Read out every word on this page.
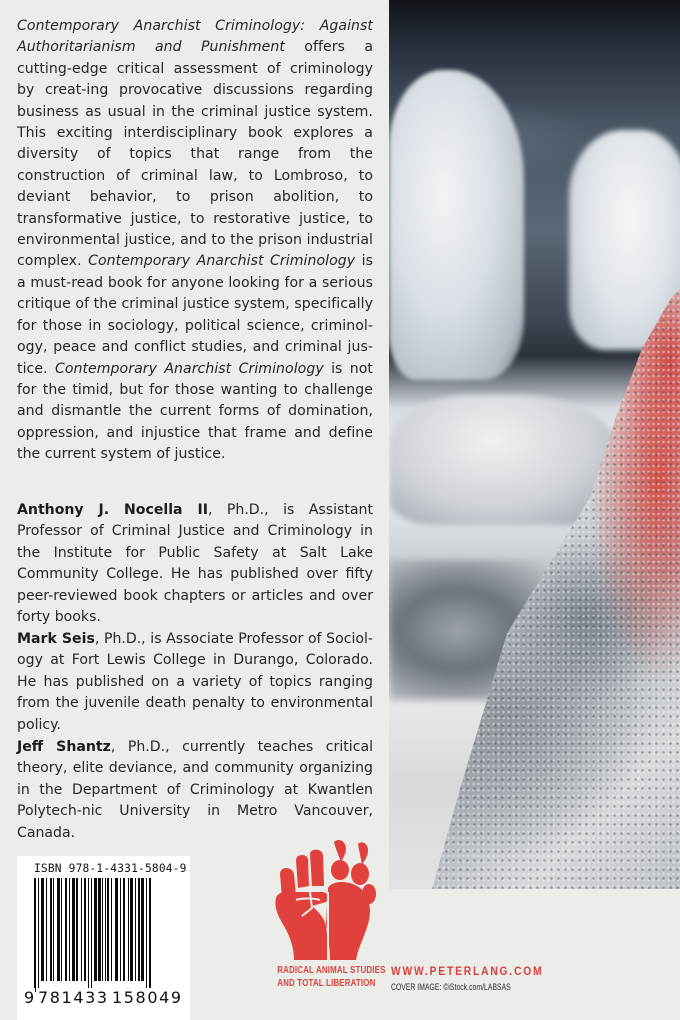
Contemporary Anarchist Criminology: Against Authoritarianism and Punishment offers a cutting-edge critical assessment of criminology by creat-ing provocative discussions regarding business as usual in the criminal justice system. This exciting interdisciplinary book explores a diversity of topics that range from the construction of criminal law, to Lombroso, to deviant behavior, to prison abolition, to transformative justice, to restorative justice, to environmental justice, and to the prison industrial complex. Contemporary Anarchist Criminology is a must-read book for anyone looking for a serious critique of the criminal justice system, specifically for those in sociology, political science, criminol-ogy, peace and conflict studies, and criminal jus-tice. Contemporary Anarchist Criminology is not for the timid, but for those wanting to challenge and dismantle the current forms of domination, oppression, and injustice that frame and define the current system of justice.

Anthony J. Nocella II, Ph.D., is Assistant Professor of Criminal Justice and Criminology in the Institute for Public Safety at Salt Lake Community College. He has published over fifty peer-reviewed book chapters or articles and over forty books.

Mark Seis, Ph.D., is Associate Professor of Sociol-ogy at Fort Lewis College in Durango, Colorado. He has published on a variety of topics ranging from the juvenile death penalty to environmental policy.

Jeff Shantz, Ph.D., currently teaches critical theory, elite deviance, and community organizing in the Department of Criminology at Kwantlen Polytech-nic University in Metro Vancouver, Canada.

ISBN 978-1-4331-5804-9
9 781433 158049
RADICAL ANIMAL STUDIES
AND TOTAL LIBERATION
WWW.PETERLANG.COM
COVER IMAGE: ©iStock.com/LABSAS
